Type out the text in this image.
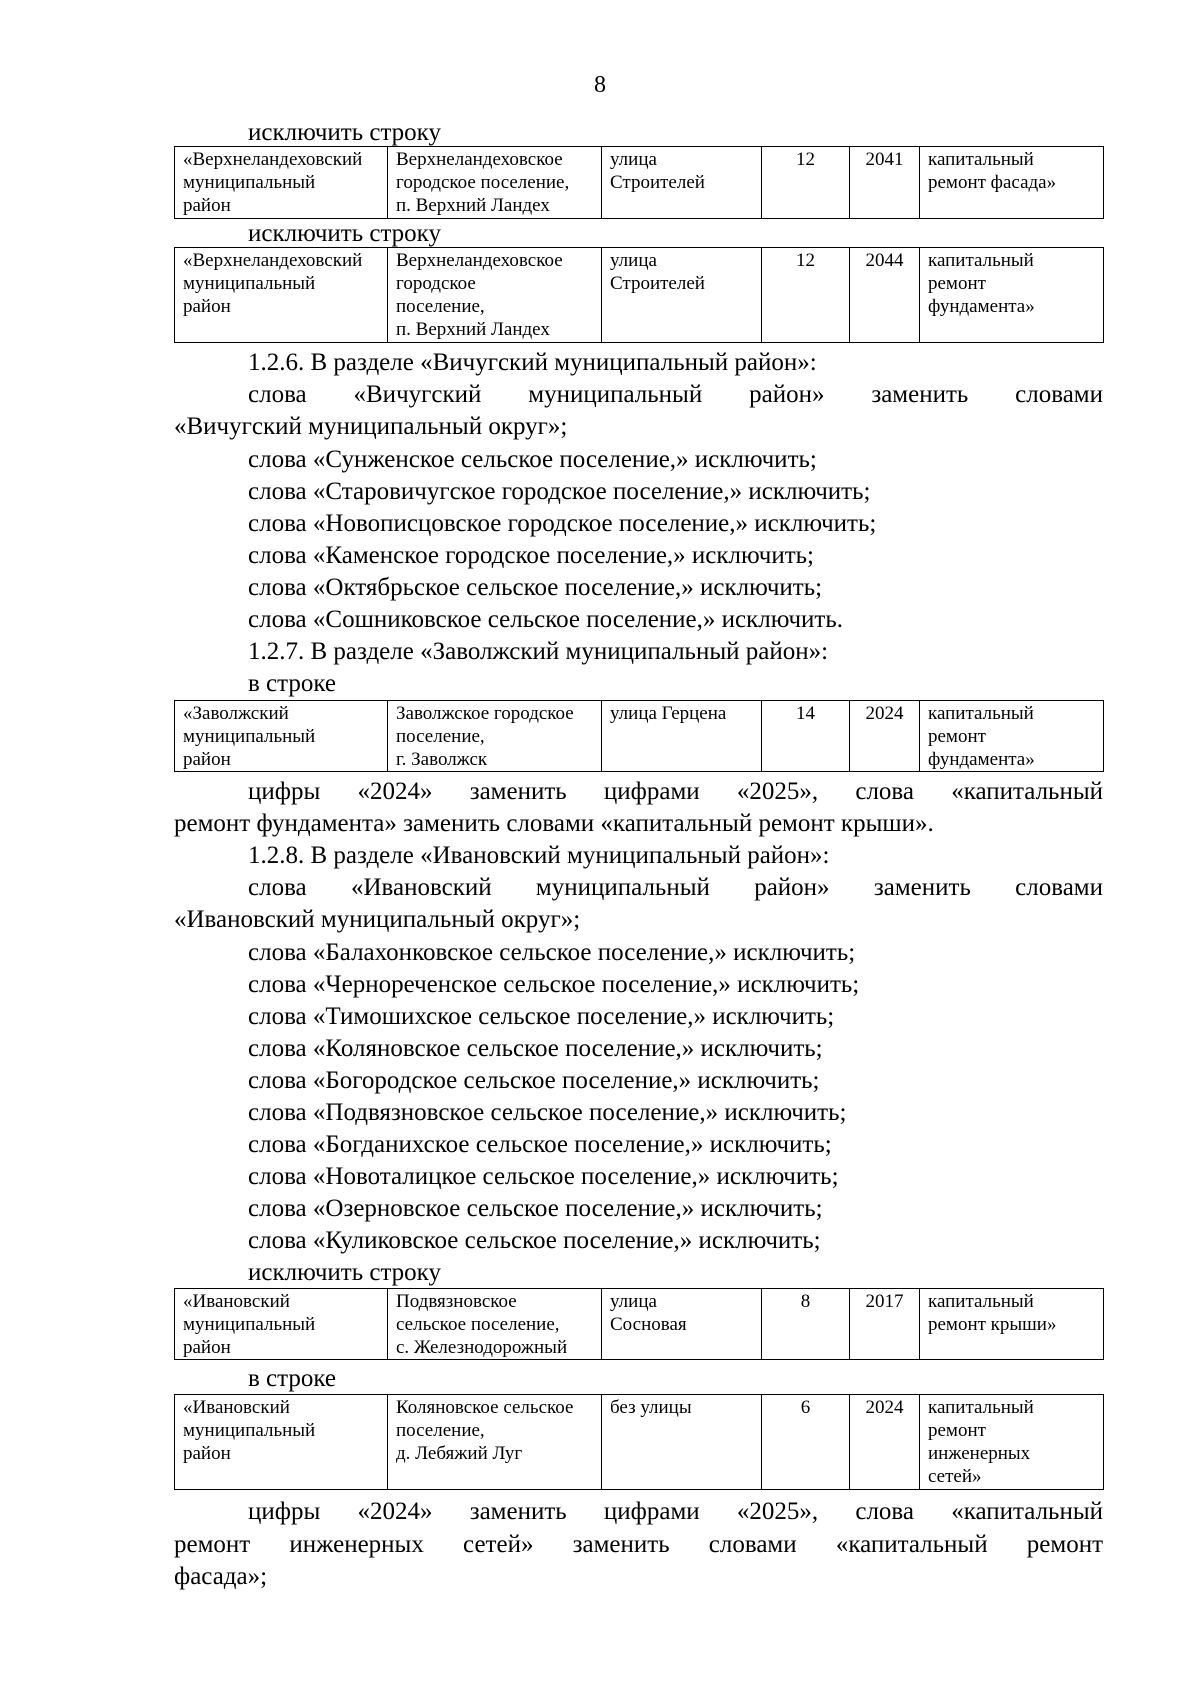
8
исключить строку
«Верхнеландеховский
муниципальный
район	Верхнеландеховское
городское поселение,
п. Верхний Ландех	улица
Строителей	12	2041	капитальный
ремонт фасада»
исключить строку
«Верхнеландеховский
муниципальный
район	Верхнеландеховское
городское
поселение,
п. Верхний Ландех	улица
Строителей	12	2044	капитальный
ремонт
фундамента»
1.2.6. В разделе «Вичугский муниципальный район»:
слова «Вичугский муниципальный район» заменить словами
«Вичугский муниципальный округ»;
слова «Сунженское сельское поселение,» исключить;
слова «Старовичугское городское поселение,» исключить;
слова «Новописцовское городское поселение,» исключить;
слова «Каменское городское поселение,» исключить;
слова «Октябрьское сельское поселение,» исключить;
слова «Сошниковское сельское поселение,» исключить.
1.2.7. В разделе «Заволжский муниципальный район»:
в строке
«Заволжский
муниципальный
район	Заволжское городское
поселение,
г. Заволжск	улица Герцена	14	2024	капитальный
ремонт
фундамента»
цифры «2024» заменить цифрами «2025», слова «капитальный
ремонт фундамента» заменить словами «капитальный ремонт крыши».
1.2.8. В разделе «Ивановский муниципальный район»:
слова «Ивановский муниципальный район» заменить словами
«Ивановский муниципальный округ»;
слова «Балахонковское сельское поселение,» исключить;
слова «Чернореченское сельское поселение,» исключить;
слова «Тимошихское сельское поселение,» исключить;
слова «Коляновское сельское поселение,» исключить;
слова «Богородское сельское поселение,» исключить;
слова «Подвязновское сельское поселение,» исключить;
слова «Богданихское сельское поселение,» исключить;
слова «Новоталицкое сельское поселение,» исключить;
слова «Озерновское сельское поселение,» исключить;
слова «Куликовское сельское поселение,» исключить;
исключить строку
«Ивановский
муниципальный
район	Подвязновское
сельское поселение,
с. Железнодорожный	улица
Сосновая	8	2017	капитальный
ремонт крыши»
в строке
«Ивановский
муниципальный
район	Коляновское сельское
поселение,
д. Лебяжий Луг	без улицы	6	2024	капитальный
ремонт
инженерных
сетей»
цифры «2024» заменить цифрами «2025», слова «капитальный
ремонт инженерных сетей» заменить словами «капитальный ремонт
фасада»;
